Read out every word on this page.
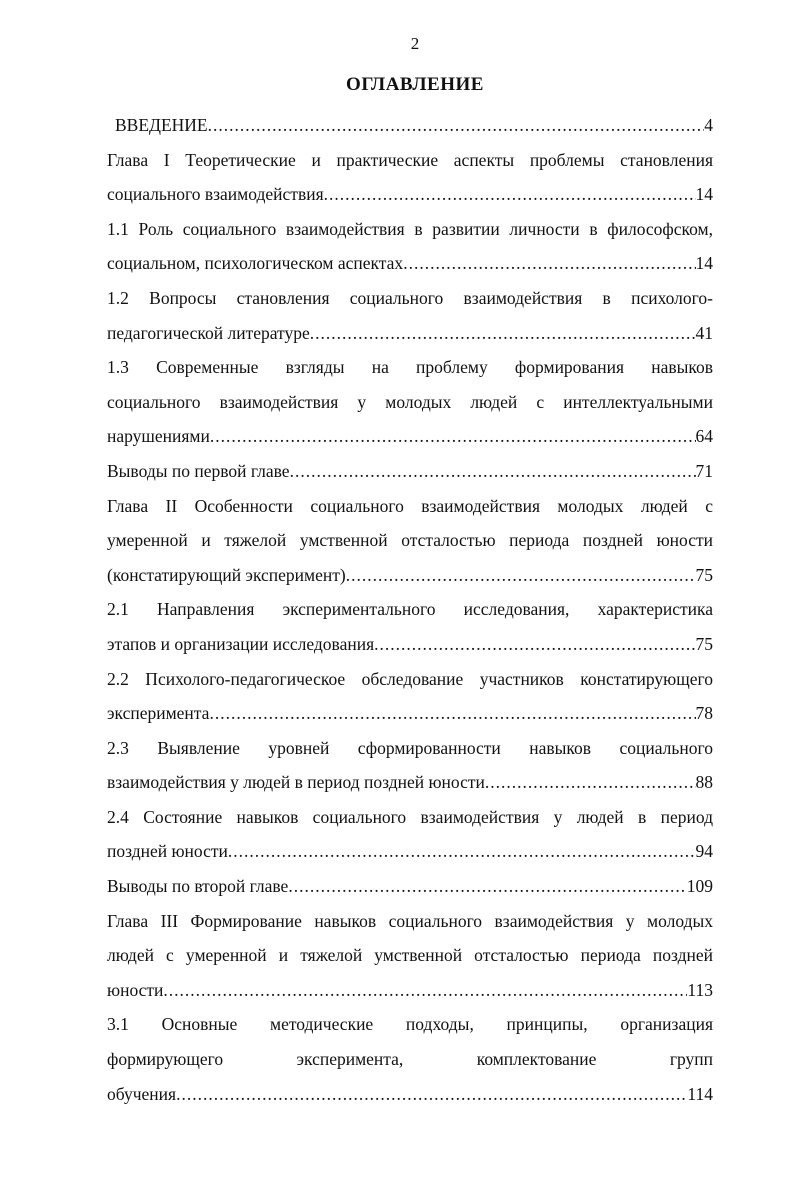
2
ОГЛАВЛЕНИЕ
ВВЕДЕНИЕ .....	4
Глава I Теоретические и практические аспекты проблемы становления
социального взаимодействия .....	14
1.1 Роль социального взаимодействия в развитии личности в философском,
социальном, психологическом аспектах .....	14
1.2 Вопросы становления социального взаимодействия в психолого-
педагогической литературе .....	41
1.3 Современные взгляды на проблему формирования навыков
социального взаимодействия у молодых людей с интеллектуальными
нарушениями .....	64
Выводы по первой главе .....	71
Глава II Особенности социального взаимодействия молодых людей с
умеренной и тяжелой умственной отсталостью периода поздней юности
(констатирующий эксперимент) .....	75
2.1 Направления экспериментального исследования, характеристика
этапов и организации исследования .....	75
2.2 Психолого-педагогическое обследование участников констатирующего
эксперимента .....	78
2.3 Выявление уровней сформированности навыков социального
взаимодействия у людей в период поздней юности .....	88
2.4 Состояние навыков социального взаимодействия у людей в период
поздней юности .....	94
Выводы по второй главе .....	109
Глава III Формирование навыков социального взаимодействия у молодых
людей с умеренной и тяжелой умственной отсталостью периода поздней
юности .....	113
3.1 Основные методические подходы, принципы, организация
формирующего эксперимента, комплектование групп
обучения .....	114
